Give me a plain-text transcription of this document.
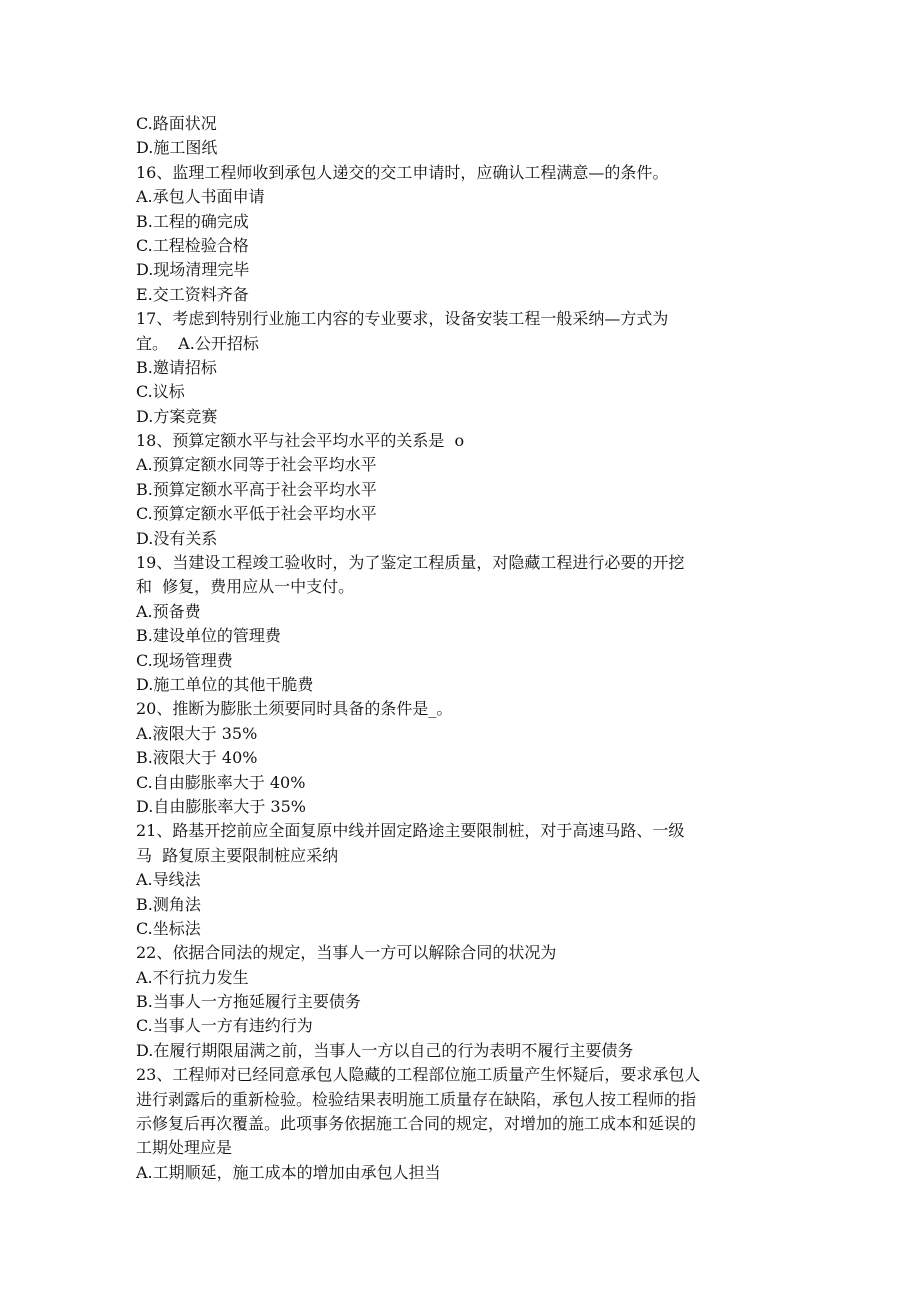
C.路面状况
D.施工图纸
16、监理工程师收到承包人递交的交工申请时，应确认工程满意—的条件。
A.承包人书面申请
B.工程的确完成
C.工程检验合格
D.现场清理完毕
E.交工资料齐备
17、考虑到特别行业施工内容的专业要求，设备安装工程一般采纳—方式为
宜。  A.公开招标
B.邀请招标
C.议标
D.方案竞赛
18、预算定额水平与社会平均水平的关系是  o
A.预算定额水同等于社会平均水平
B.预算定额水平高于社会平均水平
C.预算定额水平低于社会平均水平
D.没有关系
19、当建设工程竣工验收时，为了鉴定工程质量，对隐藏工程进行必要的开挖
和  修复，费用应从一中支付。
A.预备费
B.建设单位的管理费
C.现场管理费
D.施工单位的其他干脆费
20、推断为膨胀土须要同时具备的条件是_。
A.液限大于 35%
B.液限大于 40%
C.自由膨胀率大于 40%
D.自由膨胀率大于 35%
21、路基开挖前应全面复原中线并固定路途主要限制桩，对于高速马路、一级
马  路复原主要限制桩应采纳
A.导线法
B.测角法
C.坐标法
22、依据合同法的规定，当事人一方可以解除合同的状况为
A.不行抗力发生
B.当事人一方拖延履行主要债务
C.当事人一方有违约行为
D.在履行期限届满之前，当事人一方以自己的行为表明不履行主要债务
23、工程师对已经同意承包人隐藏的工程部位施工质量产生怀疑后，要求承包人
进行剥露后的重新检验。检验结果表明施工质量存在缺陷，承包人按工程师的指
示修复后再次覆盖。此项事务依据施工合同的规定，对增加的施工成本和延误的
工期处理应是
A.工期顺延，施工成本的增加由承包人担当
